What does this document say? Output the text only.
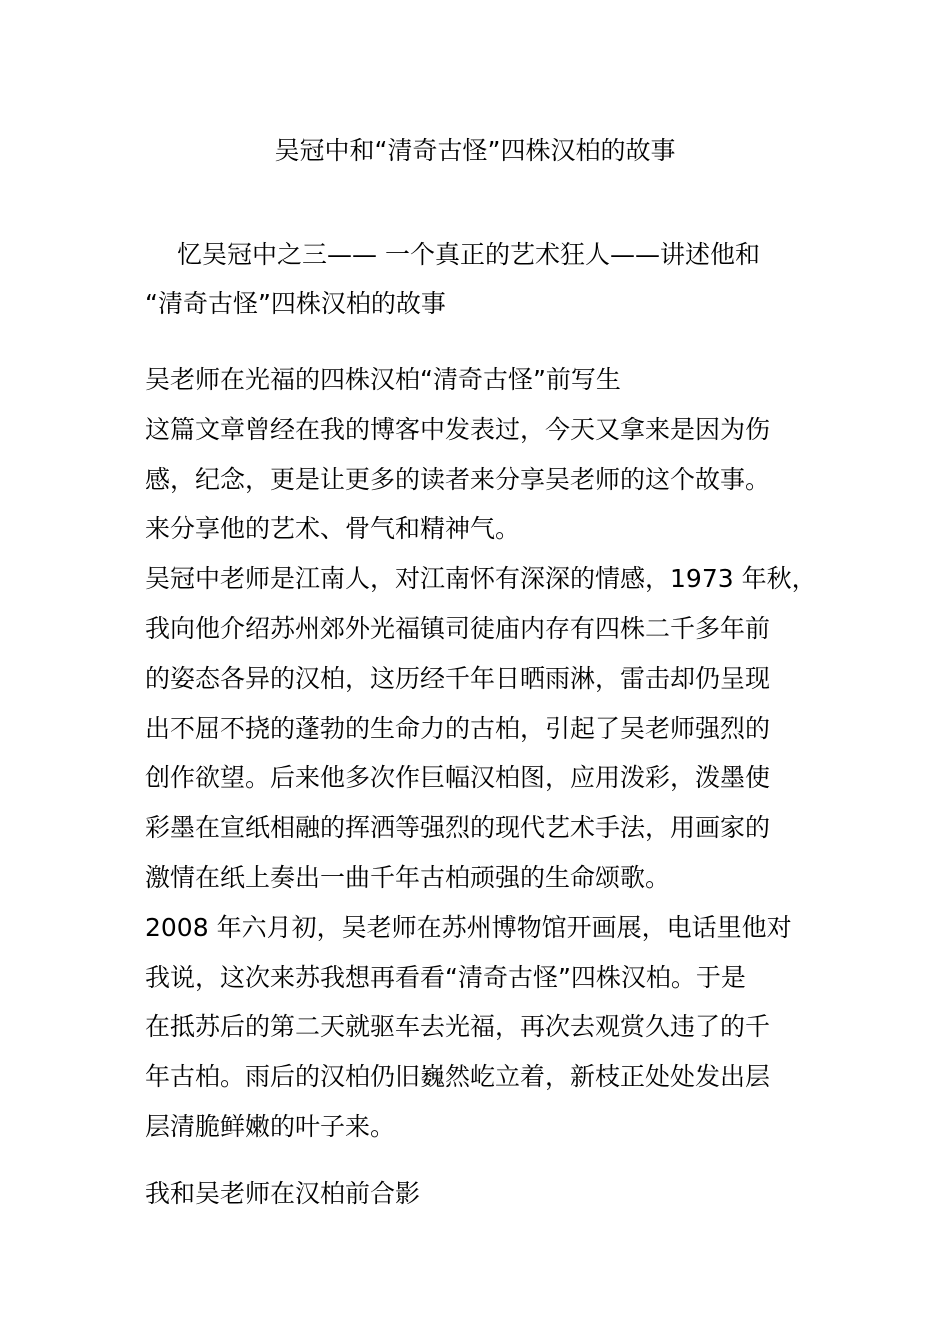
吴冠中和“清奇古怪”四株汉柏的故事
忆吴冠中之三—— 一个真正的艺术狂人——讲述他和
“清奇古怪”四株汉柏的故事
吴老师在光福的四株汉柏“清奇古怪”前写生
这篇文章曾经在我的博客中发表过，今天又拿来是因为伤
感，纪念，更是让更多的读者来分享吴老师的这个故事。
来分享他的艺术、骨气和精神气。
吴冠中老师是江南人，对江南怀有深深的情感，1973 年秋，
我向他介绍苏州郊外光福镇司徒庙内存有四株二千多年前
的姿态各异的汉柏，这历经千年日晒雨淋，雷击却仍呈现
出不屈不挠的蓬勃的生命力的古柏，引起了吴老师强烈的
创作欲望。后来他多次作巨幅汉柏图，应用泼彩，泼墨使
彩墨在宣纸相融的挥洒等强烈的现代艺术手法，用画家的
激情在纸上奏出一曲千年古柏顽强的生命颂歌。
2008 年六月初，吴老师在苏州博物馆开画展，电话里他对
我说，这次来苏我想再看看“清奇古怪”四株汉柏。于是
在抵苏后的第二天就驱车去光福，再次去观赏久违了的千
年古柏。雨后的汉柏仍旧巍然屹立着，新枝正处处发出层
层清脆鲜嫩的叶子来。
我和吴老师在汉柏前合影
